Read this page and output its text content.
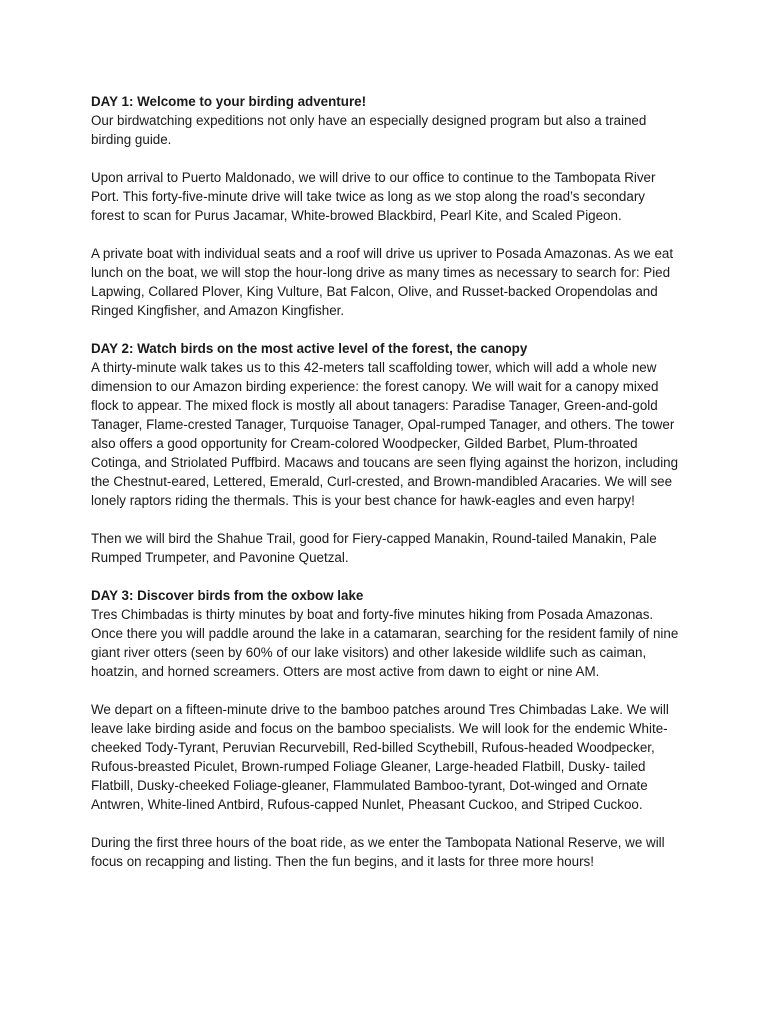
DAY 1: Welcome to your birding adventure!

Our birdwatching expeditions not only have an especially designed program but also a trained birding guide.

Upon arrival to Puerto Maldonado, we will drive to our office to continue to the Tambopata River Port. This forty-five-minute drive will take twice as long as we stop along the road’s secondary forest to scan for Purus Jacamar, White-browed Blackbird, Pearl Kite, and Scaled Pigeon.

A private boat with individual seats and a roof will drive us upriver to Posada Amazonas. As we eat lunch on the boat, we will stop the hour-long drive as many times as necessary to search for: Pied Lapwing, Collared Plover, King Vulture, Bat Falcon, Olive, and Russet-backed Oropendolas and Ringed Kingfisher, and Amazon Kingfisher.

DAY 2: Watch birds on the most active level of the forest, the canopy

A thirty-minute walk takes us to this 42-meters tall scaffolding tower, which will add a whole new dimension to our Amazon birding experience: the forest canopy. We will wait for a canopy mixed flock to appear. The mixed flock is mostly all about tanagers: Paradise Tanager, Green-and-gold Tanager, Flame-crested Tanager, Turquoise Tanager, Opal-rumped Tanager, and others. The tower also offers a good opportunity for Cream-colored Woodpecker, Gilded Barbet, Plum-throated Cotinga, and Striolated Puffbird. Macaws and toucans are seen flying against the horizon, including the Chestnut-eared, Lettered, Emerald, Curl-crested, and Brown-mandibled Aracaries. We will see lonely raptors riding the thermals. This is your best chance for hawk-eagles and even harpy!

Then we will bird the Shahue Trail, good for Fiery-capped Manakin, Round-tailed Manakin, Pale Rumped Trumpeter, and Pavonine Quetzal.

DAY 3: Discover birds from the oxbow lake

Tres Chimbadas is thirty minutes by boat and forty-five minutes hiking from Posada Amazonas. Once there you will paddle around the lake in a catamaran, searching for the resident family of nine giant river otters (seen by 60% of our lake visitors) and other lakeside wildlife such as caiman, hoatzin, and horned screamers. Otters are most active from dawn to eight or nine AM.

We depart on a fifteen-minute drive to the bamboo patches around Tres Chimbadas Lake. We will leave lake birding aside and focus on the bamboo specialists. We will look for the endemic White-cheeked Tody-Tyrant, Peruvian Recurvebill, Red-billed Scythebill, Rufous-headed Woodpecker, Rufous-breasted Piculet, Brown-rumped Foliage Gleaner, Large-headed Flatbill, Dusky- tailed Flatbill, Dusky-cheeked Foliage-gleaner, Flammulated Bamboo-tyrant, Dot-winged and Ornate Antwren, White-lined Antbird, Rufous-capped Nunlet, Pheasant Cuckoo, and Striped Cuckoo.

During the first three hours of the boat ride, as we enter the Tambopata National Reserve, we will focus on recapping and listing. Then the fun begins, and it lasts for three more hours!
